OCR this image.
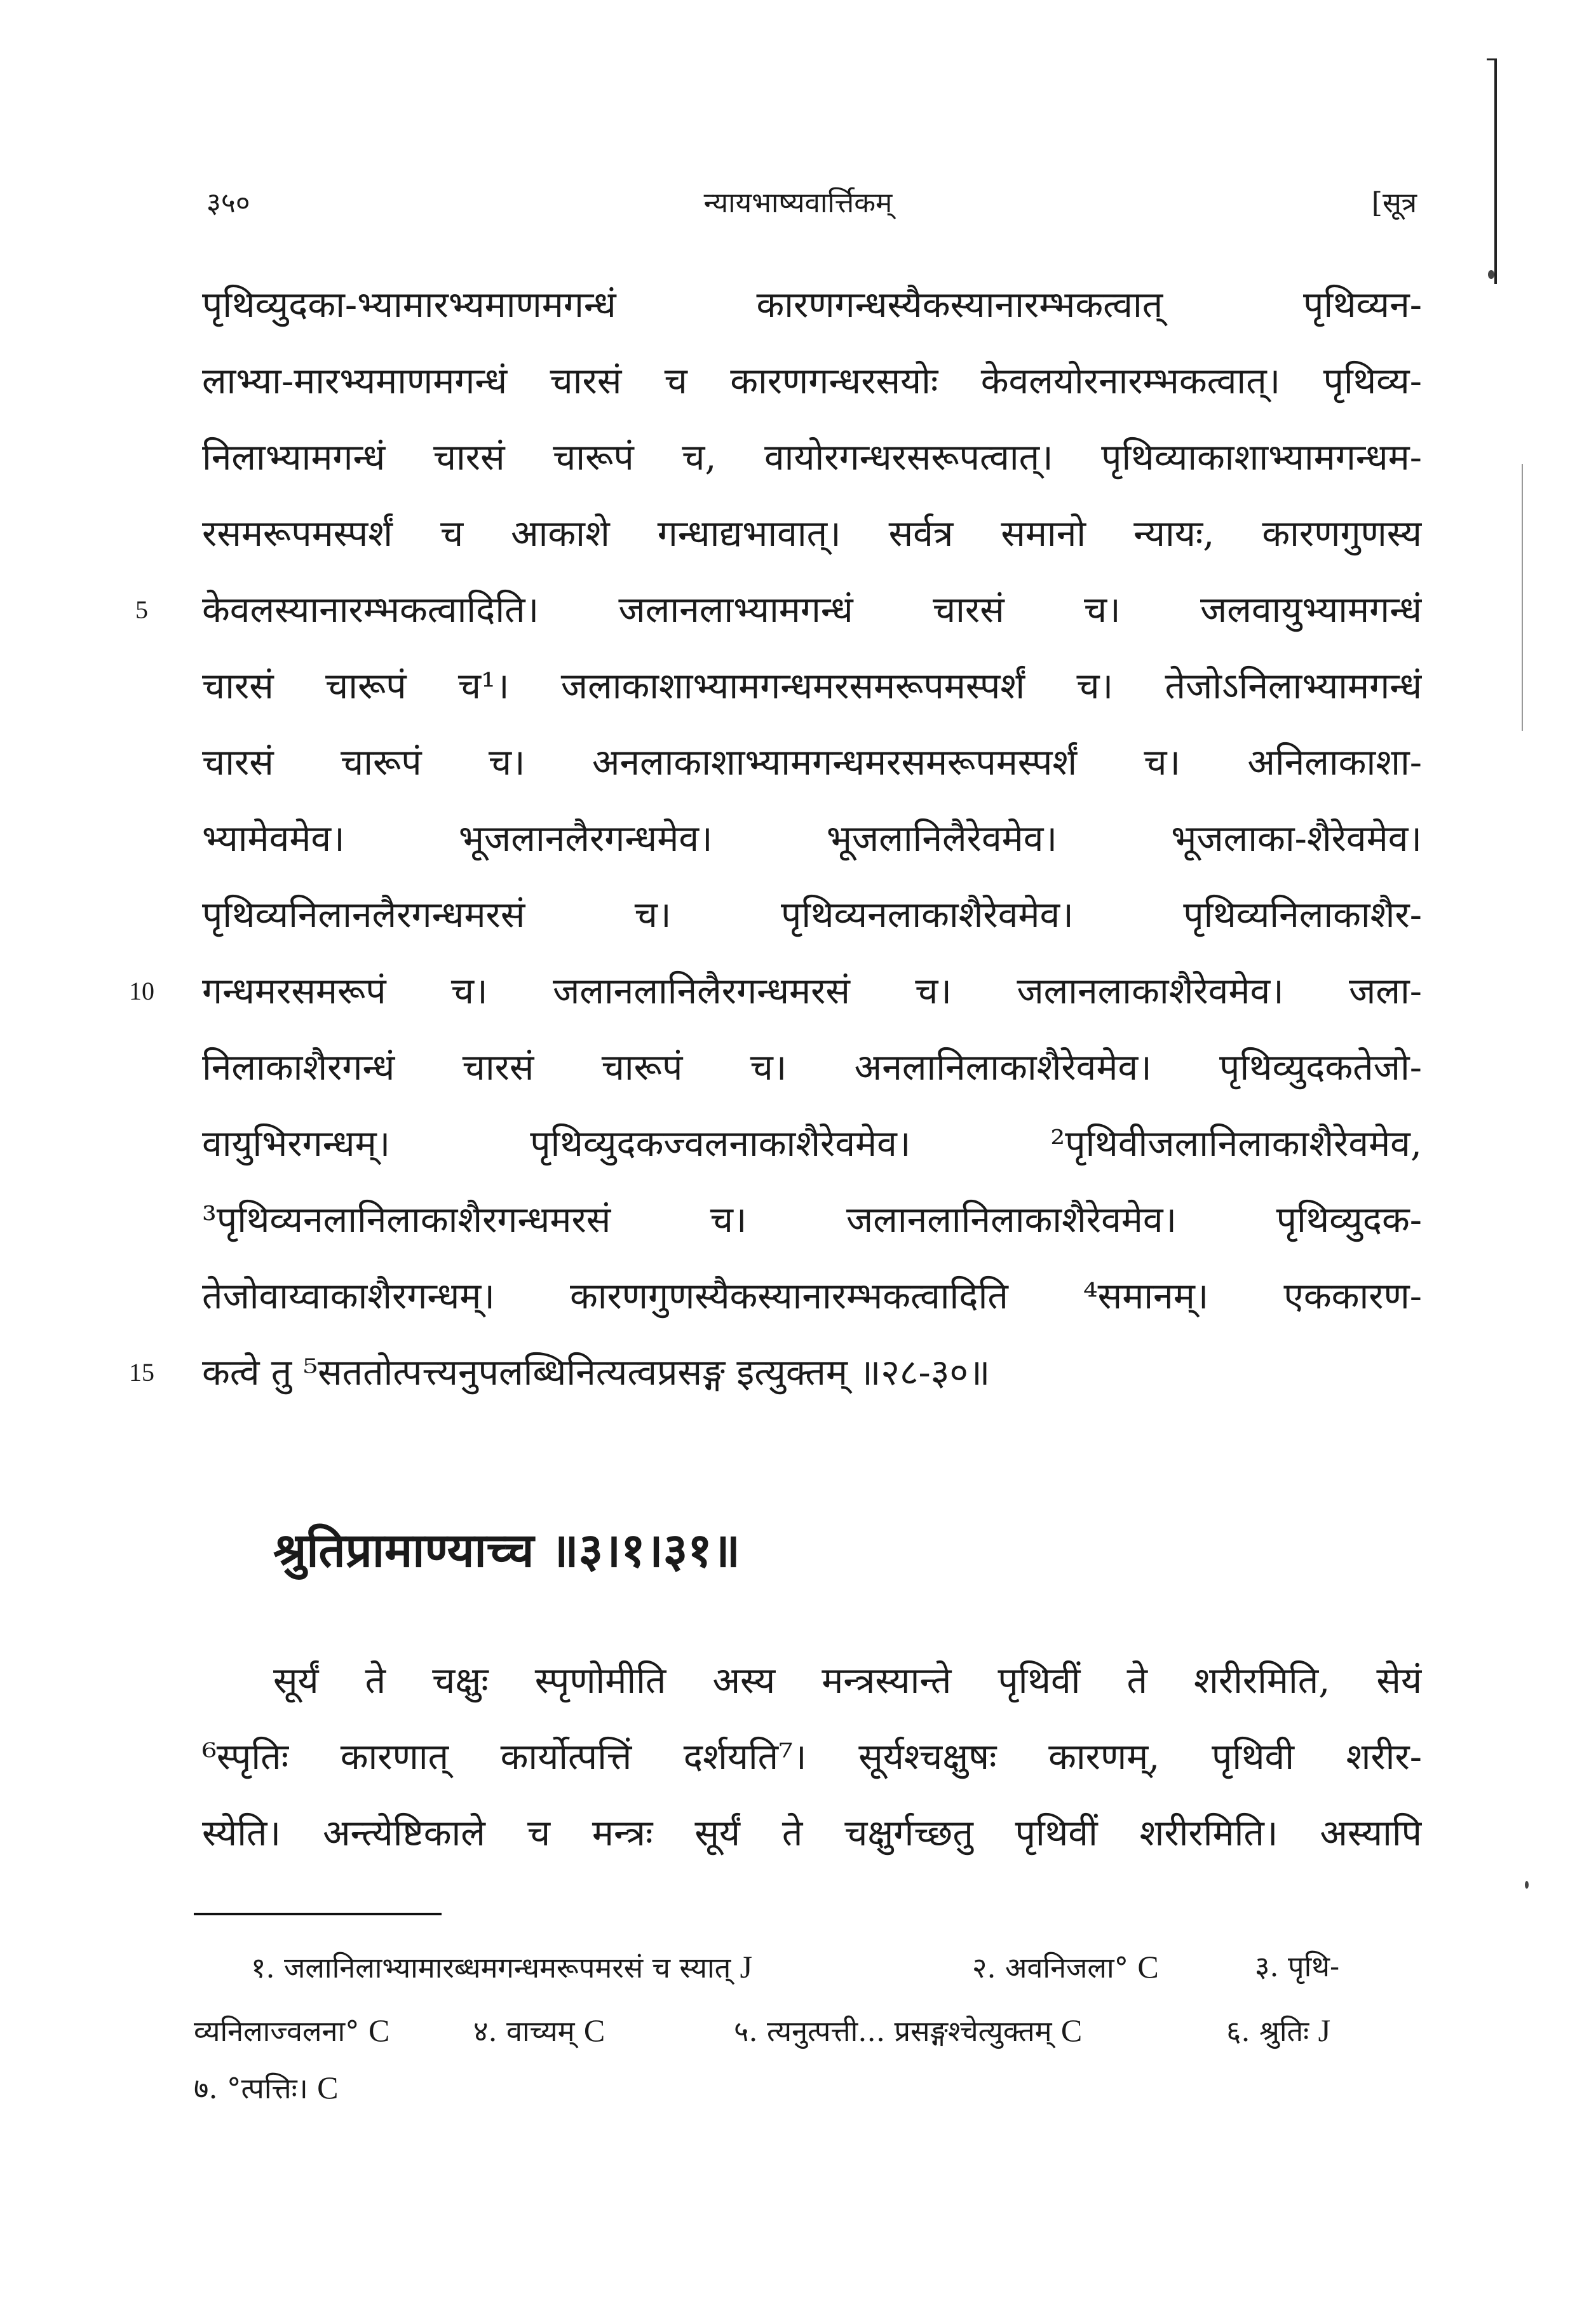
३५०	न्यायभाष्यवार्त्तिकम्	[सूत्र
पृथिव्युदका-भ्यामारभ्यमाणमगन्धं कारणगन्धस्यैकस्यानारम्भकत्वात् पृथिव्यन-
लाभ्या-मारभ्यमाणमगन्धं चारसं च कारणगन्धरसयोः केवलयोरनारम्भकत्वात्। पृथिव्य-
निलाभ्यामगन्धं चारसं चारूपं च, वायोरगन्धरसरूपत्वात्। पृथिव्याकाशाभ्यामगन्धम-
रसमरूपमस्पर्शं च आकाशे गन्धाद्यभावात्। सर्वत्र समानो न्यायः, कारणगुणस्य
केवलस्यानारम्भकत्वादिति। जलानलाभ्यामगन्धं चारसं च। जलवायुभ्यामगन्धं
चारसं चारूपं च¹। जलाकाशाभ्यामगन्धमरसमरूपमस्पर्शं च। तेजोऽनिलाभ्यामगन्धं
चारसं चारूपं च। अनलाकाशाभ्यामगन्धमरसमरूपमस्पर्शं च। अनिलाकाशा-
भ्यामेवमेव। भूजलानलैरगन्धमेव। भूजलानिलैरेवमेव। भूजलाका-शैरेवमेव।
पृथिव्यनिलानलैरगन्धमरसं च। पृथिव्यनलाकाशैरेवमेव। पृथिव्यनिलाकाशैर-
गन्धमरसमरूपं च। जलानलानिलैरगन्धमरसं च। जलानलाकाशैरेवमेव। जला-
निलाकाशैरगन्धं चारसं चारूपं च। अनलानिलाकाशैरेवमेव। पृथिव्युदकतेजो-
वायुभिरगन्धम्। पृथिव्युदकज्वलनाकाशैरेवमेव। ²पृथिवीजलानिलाकाशैरेवमेव,
³पृथिव्यनलानिलाकाशैरगन्धमरसं च। जलानलानिलाकाशैरेवमेव। पृथिव्युदक-
तेजोवाय्वाकाशैरगन्धम्। कारणगुणस्यैकस्यानारम्भकत्वादिति ⁴समानम्। एककारण-
कत्वे तु ⁵सततोत्पत्त्यनुपलब्धिनित्यत्वप्रसङ्ग इत्युक्तम् ॥२८-३०॥
5
10
15
श्रुतिप्रामाण्याच्च ॥३।१।३१॥
सूर्यं ते चक्षुः स्पृणोमीति अस्य मन्त्रस्यान्ते पृथिवीं ते शरीरमिति, सेयं
⁶स्पृतिः कारणात् कार्योत्पत्तिं दर्शयति⁷। सूर्यश्चक्षुषः कारणम्, पृथिवी शरीर-
स्येति। अन्त्येष्टिकाले च मन्त्रः सूर्यं ते चक्षुर्गच्छतु पृथिवीं शरीरमिति। अस्यापि
१. जलानिलाभ्यामारब्धमगन्धमरूपमरसं च स्यात् J	२. अवनिजला° C	३. पृथि-
व्यनिलाज्वलना° C	४. वाच्यम् C	५. त्यनुत्पत्ती... प्रसङ्गश्चेत्युक्तम् C	६. श्रुतिः J
७. °त्पत्तिः। C
